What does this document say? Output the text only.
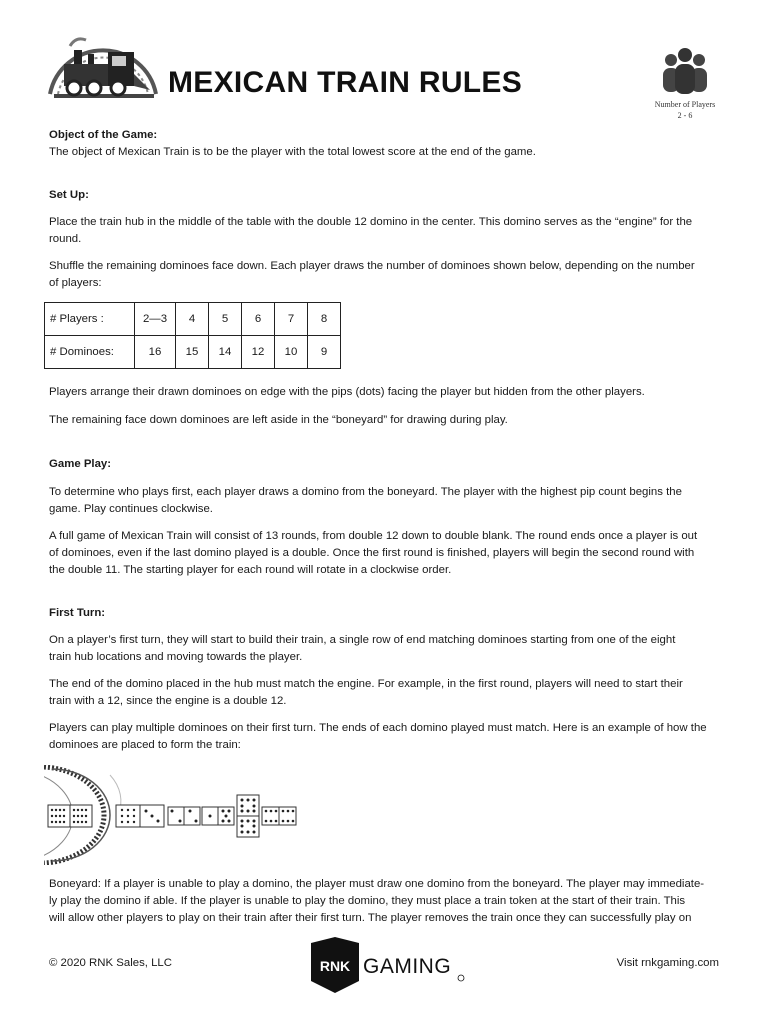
MEXICAN TRAIN RULES
Number of Players
2 - 6

Object of the Game:

The object of Mexican Train is to be the player with the total lowest score at the end of the game.

Set Up:

Place the train hub in the middle of the table with the double 12 domino in the center. This domino serves as the “engine” for the

round.

Shuffle the remaining dominoes face down. Each player draws the number of dominoes shown below, depending on the number

of players:

# Players :	2—3	4	5	6	7	8
# Dominoes:	16	15	14	12	10	9

Players arrange their drawn dominoes on edge with the pips (dots) facing the player but hidden from the other players.

The remaining face down dominoes are left aside in the “boneyard” for drawing during play.

Game Play:

To determine who plays first, each player draws a domino from the boneyard. The player with the highest pip count begins the

game. Play continues clockwise.

A full game of Mexican Train will consist of 13 rounds, from double 12 down to double blank. The round ends once a player is out

of dominoes, even if the last domino played is a double. Once the first round is finished, players will begin the second round with

the double 11. The starting player for each round will rotate in a clockwise order.

First Turn:

On a player’s first turn, they will start to build their train, a single row of end matching dominoes starting from one of the eight

train hub locations and moving towards the player.

The end of the domino placed in the hub must match the engine. For example, in the first round, players will need to start their

train with a 12, since the engine is a double 12.

Players can play multiple dominoes on their first turn. The ends of each domino played must match. Here is an example of how the

dominoes are placed to form the train:

Boneyard: If a player is unable to play a domino, the player must draw one domino from the boneyard. The player may immediate-

ly play the domino if able. If the player is unable to play the domino, they must place a train token at the start of their train. This

will allow other players to play on their train after their first turn. The player removes the train once they can successfully play on

© 2020 RNK Sales, LLC	RNK GAMING	Visit rnkgaming.com
